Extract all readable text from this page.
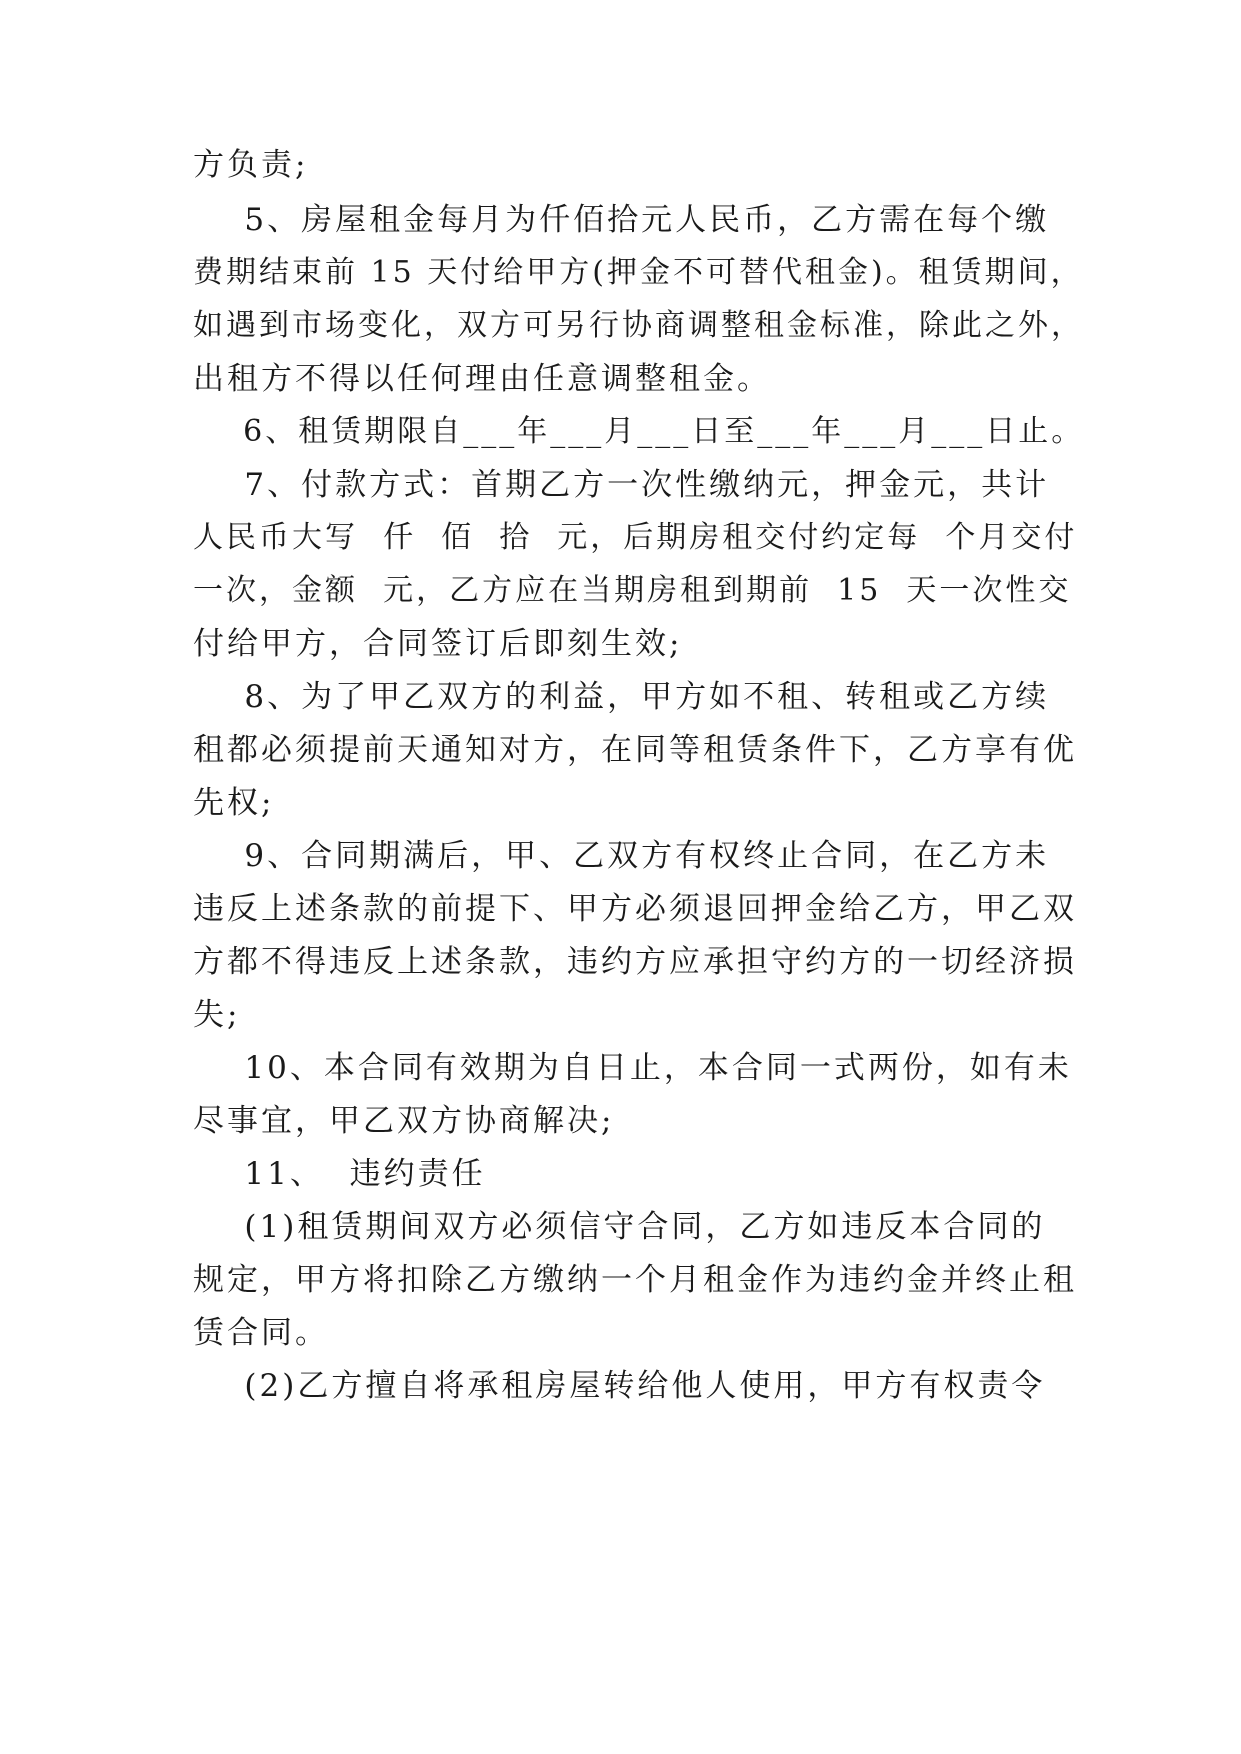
方负责;
5、房屋租金每月为仟佰拾元人民币，乙方需在每个缴
费期结束前 15 天付给甲方(押金不可替代租金)。租赁期间，
如遇到市场变化，双方可另行协商调整租金标准，除此之外，
出租方不得以任何理由任意调整租金。
6、租赁期限自___年___月___日至___年___月___日止。
7、付款方式：首期乙方一次性缴纳元，押金元，共计
人民币大写  仟  佰  拾  元，后期房租交付约定每  个月交付
一次，金额  元，乙方应在当期房租到期前  15  天一次性交
付给甲方，合同签订后即刻生效;
8、为了甲乙双方的利益，甲方如不租、转租或乙方续
租都必须提前天通知对方，在同等租赁条件下，乙方享有优
先权;
9、合同期满后，甲、乙双方有权终止合同，在乙方未
违反上述条款的前提下、甲方必须退回押金给乙方，甲乙双
方都不得违反上述条款，违约方应承担守约方的一切经济损
失;
10、本合同有效期为自日止，本合同一式两份，如有未
尽事宜，甲乙双方协商解决;
11、  违约责任
(1)租赁期间双方必须信守合同，乙方如违反本合同的
规定，甲方将扣除乙方缴纳一个月租金作为违约金并终止租
赁合同。
(2)乙方擅自将承租房屋转给他人使用，甲方有权责令
